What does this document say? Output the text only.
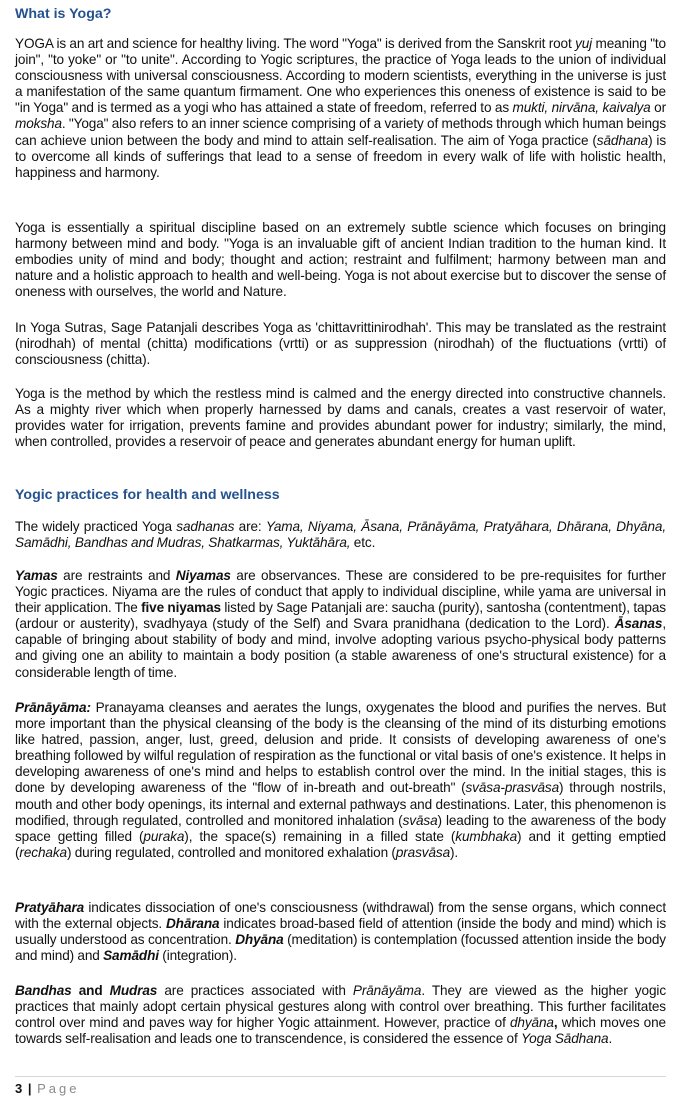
What is Yoga?

YOGA is an art and science for healthy living. The word "Yoga" is derived from the Sanskrit root yuj meaning "to join", "to yoke" or "to unite". According to Yogic scriptures, the practice of Yoga leads to the union of individual consciousness with universal consciousness. According to modern scientists, everything in the universe is just a manifestation of the same quantum firmament. One who experiences this oneness of existence is said to be "in Yoga" and is termed as a yogi who has attained a state of freedom, referred to as mukti, nirvāna, kaivalya or moksha. "Yoga" also refers to an inner science comprising of a variety of methods through which human beings can achieve union between the body and mind to attain self-realisation. The aim of Yoga practice (sādhana) is to overcome all kinds of sufferings that lead to a sense of freedom in every walk of life with holistic health, happiness and harmony.

Yoga is essentially a spiritual discipline based on an extremely subtle science which focuses on bringing harmony between mind and body. "Yoga is an invaluable gift of ancient Indian tradition to the human kind. It embodies unity of mind and body; thought and action; restraint and fulfilment; harmony between man and nature and a holistic approach to health and well-being. Yoga is not about exercise but to discover the sense of oneness with ourselves, the world and Nature.

In Yoga Sutras, Sage Patanjali describes Yoga as 'chittavrittinirodhah'. This may be translated as the restraint (nirodhah) of mental (chitta) modifications (vrtti) or as suppression (nirodhah) of the fluctuations (vrtti) of consciousness (chitta).

Yoga is the method by which the restless mind is calmed and the energy directed into constructive channels. As a mighty river which when properly harnessed by dams and canals, creates a vast reservoir of water, provides water for irrigation, prevents famine and provides abundant power for industry; similarly, the mind, when controlled, provides a reservoir of peace and generates abundant energy for human uplift.

Yogic practices for health and wellness

The widely practiced Yoga sadhanas are: Yama, Niyama, Āsana, Prānāyāma, Pratyāhara, Dhārana, Dhyāna, Samādhi, Bandhas and Mudras, Shatkarmas, Yuktāhāra, etc.

Yamas are restraints and Niyamas are observances. These are considered to be pre-requisites for further Yogic practices. Niyama are the rules of conduct that apply to individual discipline, while yama are universal in their application. The five niyamas listed by Sage Patanjali are: saucha (purity), santosha (contentment), tapas (ardour or austerity), svadhyaya (study of the Self) and Svara pranidhana (dedication to the Lord). Āsanas, capable of bringing about stability of body and mind, involve adopting various psycho-physical body patterns and giving one an ability to maintain a body position (a stable awareness of one's structural existence) for a considerable length of time.

Prānāyāma: Pranayama cleanses and aerates the lungs, oxygenates the blood and purifies the nerves. But more important than the physical cleansing of the body is the cleansing of the mind of its disturbing emotions like hatred, passion, anger, lust, greed, delusion and pride. It consists of developing awareness of one's breathing followed by wilful regulation of respiration as the functional or vital basis of one's existence. It helps in developing awareness of one's mind and helps to establish control over the mind. In the initial stages, this is done by developing awareness of the "flow of in-breath and out-breath" (svāsa-prasvāsa) through nostrils, mouth and other body openings, its internal and external pathways and destinations. Later, this phenomenon is modified, through regulated, controlled and monitored inhalation (svāsa) leading to the awareness of the body space getting filled (puraka), the space(s) remaining in a filled state (kumbhaka) and it getting emptied (rechaka) during regulated, controlled and monitored exhalation (prasvāsa).

Pratyāhara indicates dissociation of one's consciousness (withdrawal) from the sense organs, which connect with the external objects. Dhārana indicates broad-based field of attention (inside the body and mind) which is usually understood as concentration. Dhyāna (meditation) is contemplation (focussed attention inside the body and mind) and Samādhi (integration).

Bandhas and Mudras are practices associated with Prānāyāma. They are viewed as the higher yogic practices that mainly adopt certain physical gestures along with control over breathing. This further facilitates control over mind and paves way for higher Yogic attainment. However, practice of dhyāna, which moves one towards self-realisation and leads one to transcendence, is considered the essence of Yoga Sādhana.

3 | Page
